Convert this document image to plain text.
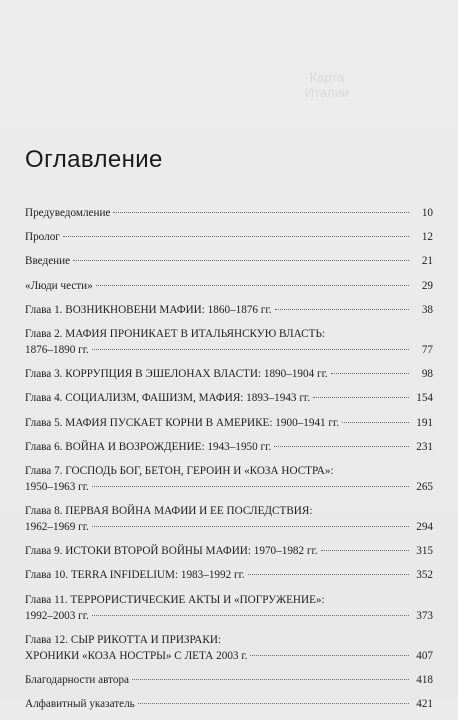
Карта
Италии
Оглавление
Предуведомление	10
Пролог	12
Введение	21
«Люди чести»	29
Глава 1. ВОЗНИКНОВЕНИ МАФИИ: 1860–1876 гг.	38
Глава 2. МАФИЯ ПРОНИКАЕТ В ИТАЛЬЯНСКУЮ ВЛАСТЬ:
1876–1890 гг.	77
Глава 3. КОРРУПЦИЯ В ЭШЕЛОНАХ ВЛАСТИ: 1890–1904 гг.	98
Глава 4. СОЦИАЛИЗМ, ФАШИЗМ, МАФИЯ: 1893–1943 гг.	154
Глава 5. МАФИЯ ПУСКАЕТ КОРНИ В АМЕРИКЕ: 1900–1941 гг.	191
Глава 6. ВОЙНА И ВОЗРОЖДЕНИЕ: 1943–1950 гг.	231
Глава 7. ГОСПОДЬ БОГ, БЕТОН, ГЕРОИН И «КОЗА НОСТРА»:
1950–1963 гг.	265
Глава 8. ПЕРВАЯ ВОЙНА МАФИИ И ЕЕ ПОСЛЕДСТВИЯ:
1962–1969 гг.	294
Глава 9. ИСТОКИ ВТОРОЙ ВОЙНЫ МАФИИ: 1970–1982 гг.	315
Глава 10. TERRA INFIDELIUM: 1983–1992 гг.	352
Глава 11. ТЕРРОРИСТИЧЕСКИЕ АКТЫ И «ПОГРУЖЕНИЕ»:
1992–2003 гг.	373
Глава 12. СЫР РИКОТТА И ПРИЗРАКИ:
ХРОНИКИ «КОЗА НОСТРЫ» С ЛЕТА 2003 г.	407
Благодарности автора	418
Алфавитный указатель	421
